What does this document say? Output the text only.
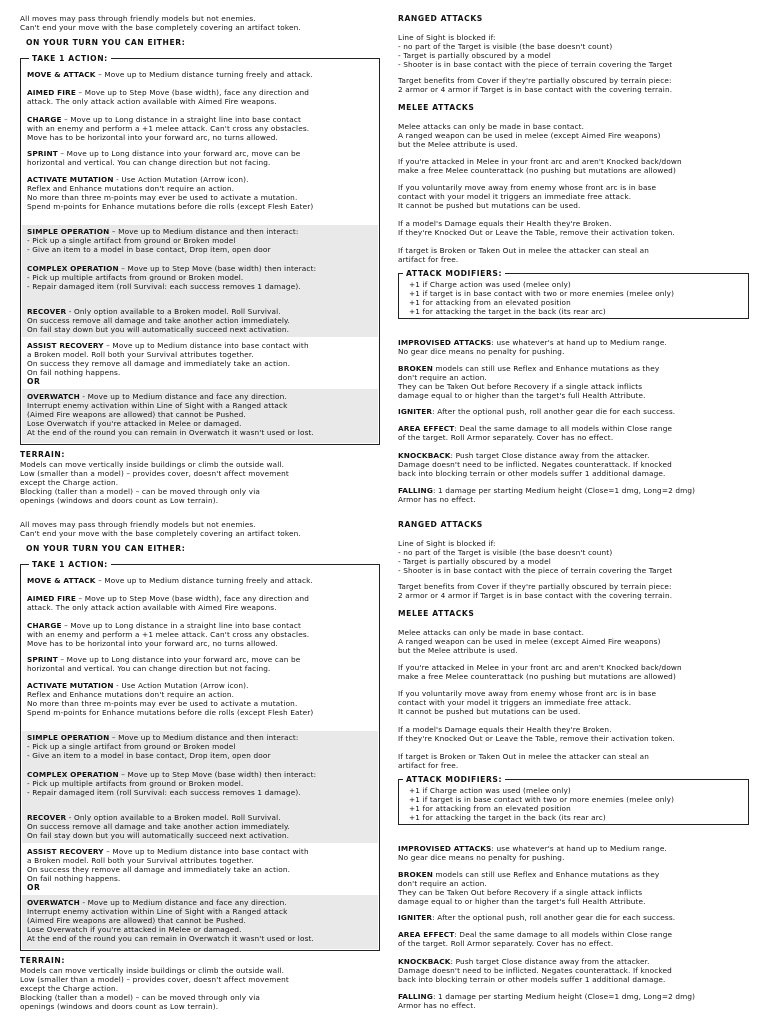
All moves may pass through friendly models but not enemies.
Can't end your move with the base completely covering an artifact token.
ON YOUR TURN YOU CAN EITHER:
TAKE 1 ACTION:
MOVE & ATTACK – Move up to Medium distance turning freely and attack.
AIMED FIRE – Move up to Step Move (base width), face any direction and
attack. The only attack action available with Aimed Fire weapons.
CHARGE – Move up to Long distance in a straight line into base contact
with an enemy and perform a +1 melee attack. Can't cross any obstacles.
Move has to be horizontal into your forward arc, no turns allowed.
SPRINT – Move up to Long distance into your forward arc, move can be
horizontal and vertical. You can change direction but not facing.
ACTIVATE MUTATION - Use Action Mutation (Arrow icon).
Reflex and Enhance mutations don't require an action.
No more than three m-points may ever be used to activate a mutation.
Spend m-points for Enhance mutations before die rolls (except Flesh Eater)
SIMPLE OPERATION – Move up to Medium distance and then interact:
- Pick up a single artifact from ground or Broken model
- Give an item to a model in base contact, Drop item, open door
COMPLEX OPERATION – Move up to Step Move (base width) then interact:
- Pick up multiple artifacts from ground or Broken model.
- Repair damaged item (roll Survival: each success removes 1 damage).
RECOVER - Only option available to a Broken model. Roll Survival.
On success remove all damage and take another action immediately.
On fail stay down but you will automatically succeed next activation.
ASSIST RECOVERY – Move up to Medium distance into base contact with
a Broken model. Roll both your Survival attributes together.
On success they remove all damage and immediately take an action.
On fail nothing happens.
OR
OVERWATCH - Move up to Medium distance and face any direction.
Interrupt enemy activation within Line of Sight with a Ranged attack
(Aimed Fire weapons are allowed) that cannot be Pushed.
Lose Overwatch if you're attacked in Melee or damaged.
At the end of the round you can remain in Overwatch it wasn't used or lost.
TERRAIN:
Models can move vertically inside buildings or climb the outside wall.
Low (smaller than a model) – provides cover, doesn't affect movement
except the Charge action.
Blocking (taller than a model) – can be moved through only via
openings (windows and doors count as Low terrain).
RANGED ATTACKS
Line of Sight is blocked if:
- no part of the Target is visible (the base doesn't count)
- Target is partially obscured by a model
- Shooter is in base contact with the piece of terrain covering the Target
Target benefits from Cover if they're partially obscured by terrain piece:
2 armor or 4 armor if Target is in base contact with the covering terrain.
MELEE ATTACKS
Melee attacks can only be made in base contact.
A ranged weapon can be used in melee (except Aimed Fire weapons)
but the Melee attribute is used.
If you're attacked in Melee in your front arc and aren't Knocked back/down
make a free Melee counterattack (no pushing but mutations are allowed)
If you voluntarily move away from enemy whose front arc is in base
contact with your model it triggers an immediate free attack.
It cannot be pushed but mutations can be used.
If a model's Damage equals their Health they're Broken.
If they're Knocked Out or Leave the Table, remove their activation token.
If target is Broken or Taken Out in melee the attacker can steal an
artifact for free.
ATTACK MODIFIERS:
+1 if Charge action was used (melee only)
+1 if target is in base contact with two or more enemies (melee only)
+1 for attacking from an elevated position
+1 for attacking the target in the back (its rear arc)
IMPROVISED ATTACKS: use whatever's at hand up to Medium range.
No gear dice means no penalty for pushing.
BROKEN models can still use Reflex and Enhance mutations as they
don't require an action.
They can be Taken Out before Recovery if a single attack inflicts
damage equal to or higher than the target's full Health Attribute.
IGNITER: After the optional push, roll another gear die for each success.
AREA EFFECT: Deal the same damage to all models within Close range
of the target. Roll Armor separately. Cover has no effect.
KNOCKBACK: Push target Close distance away from the attacker.
Damage doesn't need to be inflicted. Negates counterattack. If knocked
back into blocking terrain or other models suffer 1 additional damage.
FALLING: 1 damage per starting Medium height (Close=1 dmg, Long=2 dmg)
Armor has no effect.
All moves may pass through friendly models but not enemies.
Can't end your move with the base completely covering an artifact token.
ON YOUR TURN YOU CAN EITHER:
TAKE 1 ACTION:
MOVE & ATTACK – Move up to Medium distance turning freely and attack.
AIMED FIRE – Move up to Step Move (base width), face any direction and
attack. The only attack action available with Aimed Fire weapons.
CHARGE – Move up to Long distance in a straight line into base contact
with an enemy and perform a +1 melee attack. Can't cross any obstacles.
Move has to be horizontal into your forward arc, no turns allowed.
SPRINT – Move up to Long distance into your forward arc, move can be
horizontal and vertical. You can change direction but not facing.
ACTIVATE MUTATION - Use Action Mutation (Arrow icon).
Reflex and Enhance mutations don't require an action.
No more than three m-points may ever be used to activate a mutation.
Spend m-points for Enhance mutations before die rolls (except Flesh Eater)
SIMPLE OPERATION – Move up to Medium distance and then interact:
- Pick up a single artifact from ground or Broken model
- Give an item to a model in base contact, Drop item, open door
COMPLEX OPERATION – Move up to Step Move (base width) then interact:
- Pick up multiple artifacts from ground or Broken model.
- Repair damaged item (roll Survival: each success removes 1 damage).
RECOVER - Only option available to a Broken model. Roll Survival.
On success remove all damage and take another action immediately.
On fail stay down but you will automatically succeed next activation.
ASSIST RECOVERY – Move up to Medium distance into base contact with
a Broken model. Roll both your Survival attributes together.
On success they remove all damage and immediately take an action.
On fail nothing happens.
OR
OVERWATCH - Move up to Medium distance and face any direction.
Interrupt enemy activation within Line of Sight with a Ranged attack
(Aimed Fire weapons are allowed) that cannot be Pushed.
Lose Overwatch if you're attacked in Melee or damaged.
At the end of the round you can remain in Overwatch it wasn't used or lost.
TERRAIN:
Models can move vertically inside buildings or climb the outside wall.
Low (smaller than a model) – provides cover, doesn't affect movement
except the Charge action.
Blocking (taller than a model) – can be moved through only via
openings (windows and doors count as Low terrain).
RANGED ATTACKS
Line of Sight is blocked if:
- no part of the Target is visible (the base doesn't count)
- Target is partially obscured by a model
- Shooter is in base contact with the piece of terrain covering the Target
Target benefits from Cover if they're partially obscured by terrain piece:
2 armor or 4 armor if Target is in base contact with the covering terrain.
MELEE ATTACKS
Melee attacks can only be made in base contact.
A ranged weapon can be used in melee (except Aimed Fire weapons)
but the Melee attribute is used.
If you're attacked in Melee in your front arc and aren't Knocked back/down
make a free Melee counterattack (no pushing but mutations are allowed)
If you voluntarily move away from enemy whose front arc is in base
contact with your model it triggers an immediate free attack.
It cannot be pushed but mutations can be used.
If a model's Damage equals their Health they're Broken.
If they're Knocked Out or Leave the Table, remove their activation token.
If target is Broken or Taken Out in melee the attacker can steal an
artifact for free.
ATTACK MODIFIERS:
+1 if Charge action was used (melee only)
+1 if target is in base contact with two or more enemies (melee only)
+1 for attacking from an elevated position
+1 for attacking the target in the back (its rear arc)
IMPROVISED ATTACKS: use whatever's at hand up to Medium range.
No gear dice means no penalty for pushing.
BROKEN models can still use Reflex and Enhance mutations as they
don't require an action.
They can be Taken Out before Recovery if a single attack inflicts
damage equal to or higher than the target's full Health Attribute.
IGNITER: After the optional push, roll another gear die for each success.
AREA EFFECT: Deal the same damage to all models within Close range
of the target. Roll Armor separately. Cover has no effect.
KNOCKBACK: Push target Close distance away from the attacker.
Damage doesn't need to be inflicted. Negates counterattack. If knocked
back into blocking terrain or other models suffer 1 additional damage.
FALLING: 1 damage per starting Medium height (Close=1 dmg, Long=2 dmg)
Armor has no effect.
